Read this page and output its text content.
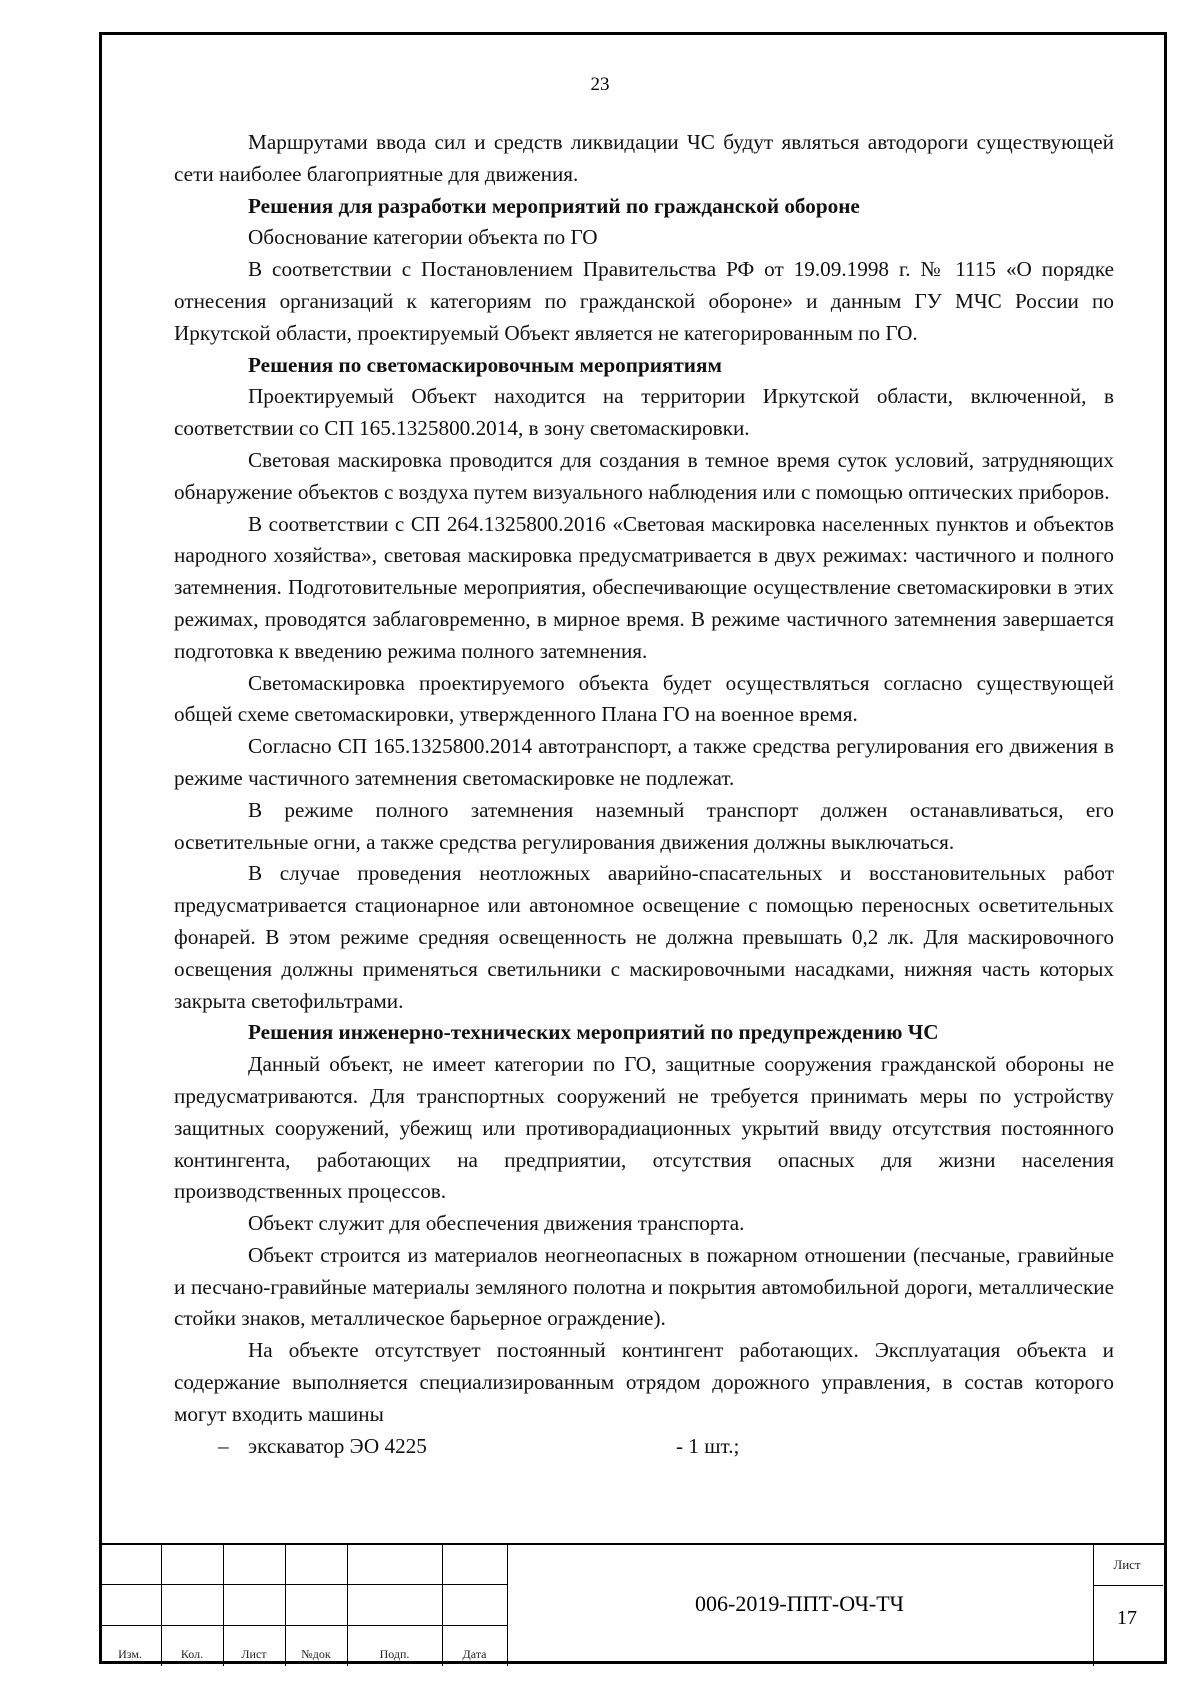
23

Маршрутами ввода сил и средств ликвидации ЧС будут являться автодороги существующей сети наиболее благоприятные для движения.

Решения для разработки мероприятий по гражданской обороне

Обоснование категории объекта по ГО

В соответствии с Постановлением Правительства РФ от 19.09.1998 г. № 1115 «О порядке отнесения организаций к категориям по гражданской обороне» и данным ГУ МЧС России по Иркутской области, проектируемый Объект является не категорированным по ГО.

Решения по светомаскировочным мероприятиям

Проектируемый Объект находится на территории Иркутской области, включенной, в соответствии со СП 165.1325800.2014, в зону светомаскировки.

Световая маскировка проводится для создания в темное время суток условий, затрудняющих обнаружение объектов с воздуха путем визуального наблюдения или с помощью оптических приборов.

В соответствии с СП 264.1325800.2016 «Световая маскировка населенных пунктов и объектов народного хозяйства», световая маскировка предусматривается в двух режимах: частичного и полного затемнения. Подготовительные мероприятия, обеспечивающие осуществление светомаскировки в этих режимах, проводятся заблаговременно, в мирное время. В режиме частичного затемнения завершается подготовка к введению режима полного затемнения.

Светомаскировка проектируемого объекта будет осуществляться согласно существующей общей схеме светомаскировки, утвержденного Плана ГО на военное время.

Согласно СП 165.1325800.2014 автотранспорт, а также средства регулирования его движения в режиме частичного затемнения светомаскировке не подлежат.

В режиме полного затемнения наземный транспорт должен останавливаться, его осветительные огни, а также средства регулирования движения должны выключаться.

В случае проведения неотложных аварийно-спасательных и восстановительных работ предусматривается стационарное или автономное освещение с помощью переносных осветительных фонарей. В этом режиме средняя освещенность не должна превышать 0,2 лк. Для маскировочного освещения должны применяться светильники с маскировочными насадками, нижняя часть которых закрыта светофильтрами.

Решения инженерно-технических мероприятий по предупреждению ЧС

Данный объект, не имеет категории по ГО, защитные сооружения гражданской обороны не предусматриваются. Для транспортных сооружений не требуется принимать меры по устройству защитных сооружений, убежищ или противорадиационных укрытий ввиду отсутствия постоянного контингента, работающих на предприятии, отсутствия опасных для жизни населения производственных процессов.

Объект служит для обеспечения движения транспорта.

Объект строится из материалов неогнеопасных в пожарном отношении (песчаные, гравийные и песчано-гравийные материалы земляного полотна и покрытия автомобильной дороги, металлические стойки знаков, металлическое барьерное ограждение).

На объекте отсутствует постоянный контингент работающих. Эксплуатация объекта и содержание выполняется специализированным отрядом дорожного управления, в состав которого могут входить машины

– экскаватор ЭО 4225	- 1 шт.;
Изм.	Кол.	Лист	№док	Подп.	Дата
006-2019-ППТ-ОЧ-ТЧ
Лист
17
